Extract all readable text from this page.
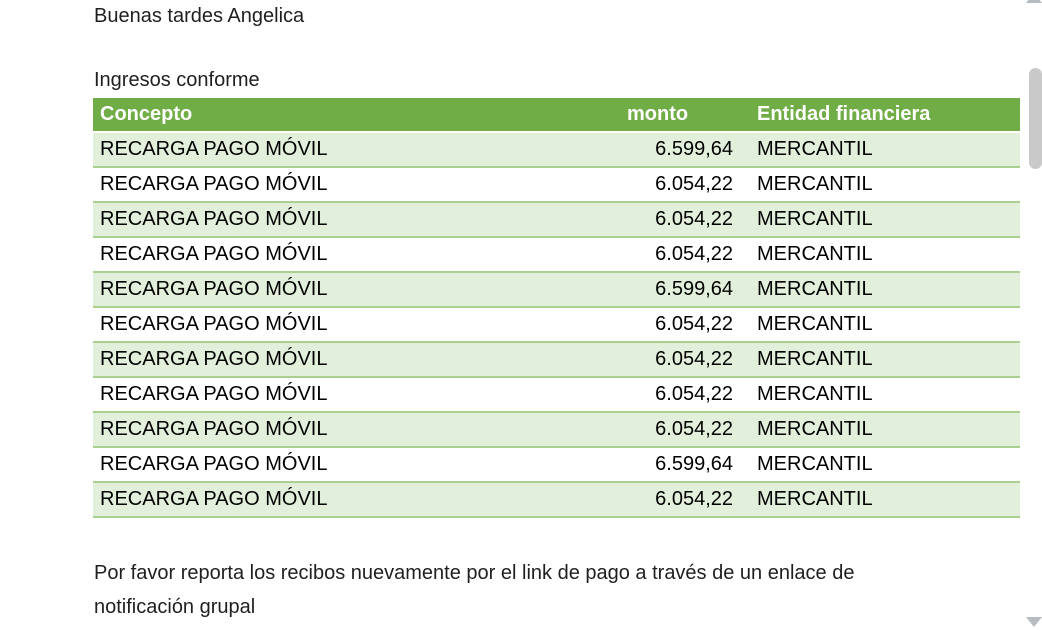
Buenas tardes Angelica
Ingresos conforme
Concepto	monto	Entidad financiera
RECARGA PAGO MÓVIL	6.599,64	MERCANTIL
RECARGA PAGO MÓVIL	6.054,22	MERCANTIL
RECARGA PAGO MÓVIL	6.054,22	MERCANTIL
RECARGA PAGO MÓVIL	6.054,22	MERCANTIL
RECARGA PAGO MÓVIL	6.599,64	MERCANTIL
RECARGA PAGO MÓVIL	6.054,22	MERCANTIL
RECARGA PAGO MÓVIL	6.054,22	MERCANTIL
RECARGA PAGO MÓVIL	6.054,22	MERCANTIL
RECARGA PAGO MÓVIL	6.054,22	MERCANTIL
RECARGA PAGO MÓVIL	6.599,64	MERCANTIL
RECARGA PAGO MÓVIL	6.054,22	MERCANTIL
Por favor reporta los recibos nuevamente por el link de pago a través de un enlace de
notificación grupal
